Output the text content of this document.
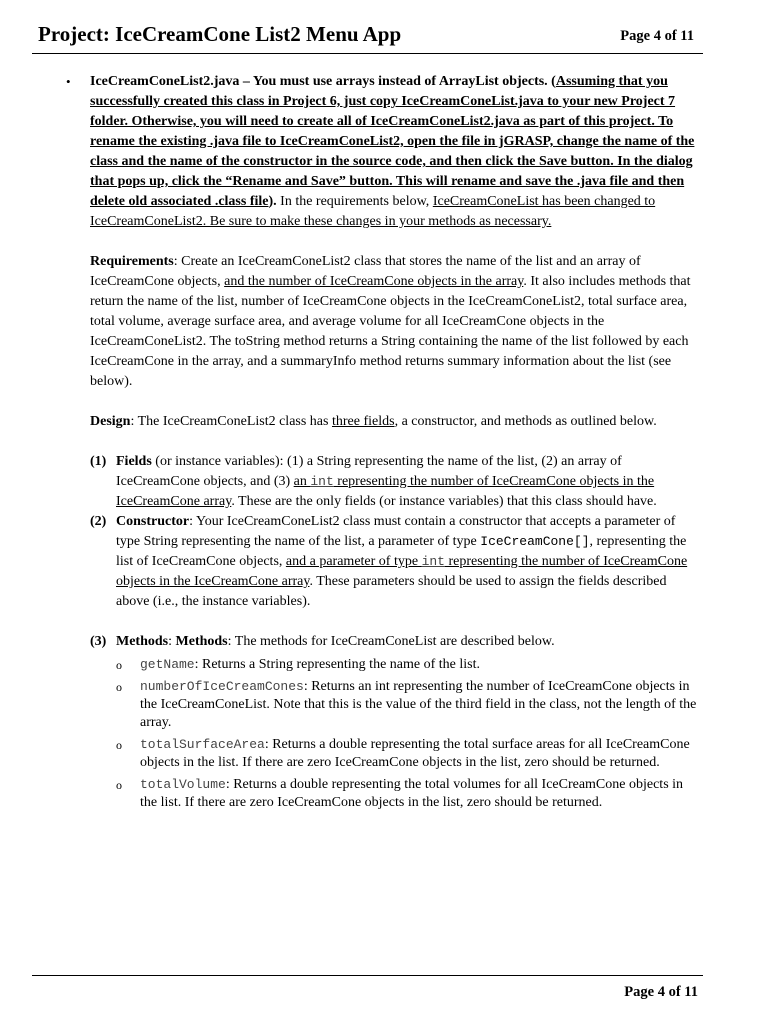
Project: IceCreamCone List2 Menu App	Page 4 of 11
• IceCreamConeList2.java – You must use arrays instead of ArrayList objects. (Assuming that you successfully created this class in Project 6, just copy IceCreamConeList.java to your new Project 7 folder. Otherwise, you will need to create all of IceCreamConeList2.java as part of this project. To rename the existing .java file to IceCreamConeList2, open the file in jGRASP, change the name of the class and the name of the constructor in the source code, and then click the Save button. In the dialog that pops up, click the “Rename and Save” button. This will rename and save the .java file and then delete old associated .class file). In the requirements below, IceCreamConeList has been changed to IceCreamConeList2. Be sure to make these changes in your methods as necessary.

Requirements: Create an IceCreamConeList2 class that stores the name of the list and an array of IceCreamCone objects, and the number of IceCreamCone objects in the array. It also includes methods that return the name of the list, number of IceCreamCone objects in the IceCreamConeList2, total surface area, total volume, average surface area, and average volume for all IceCreamCone objects in the IceCreamConeList2. The toString method returns a String containing the name of the list followed by each IceCreamCone in the array, and a summaryInfo method returns summary information about the list (see below).

Design: The IceCreamConeList2 class has three fields, a constructor, and methods as outlined below.

(1) Fields (or instance variables): (1) a String representing the name of the list, (2) an array of IceCreamCone objects, and (3) an int representing the number of IceCreamCone objects in the IceCreamCone array. These are the only fields (or instance variables) that this class should have.
(2) Constructor: Your IceCreamConeList2 class must contain a constructor that accepts a parameter of type String representing the name of the list, a parameter of type IceCreamCone[], representing the list of IceCreamCone objects, and a parameter of type int representing the number of IceCreamCone objects in the IceCreamCone array. These parameters should be used to assign the fields described above (i.e., the instance variables).
(3) Methods: Methods: The methods for IceCreamConeList are described below.
o getName: Returns a String representing the name of the list.
o numberOfIceCreamCones: Returns an int representing the number of IceCreamCone objects in the IceCreamConeList. Note that this is the value of the third field in the class, not the length of the array.
o totalSurfaceArea: Returns a double representing the total surface areas for all IceCreamCone objects in the list. If there are zero IceCreamCone objects in the list, zero should be returned.
o totalVolume: Returns a double representing the total volumes for all IceCreamCone objects in the list. If there are zero IceCreamCone objects in the list, zero should be returned.
Page 4 of 11
